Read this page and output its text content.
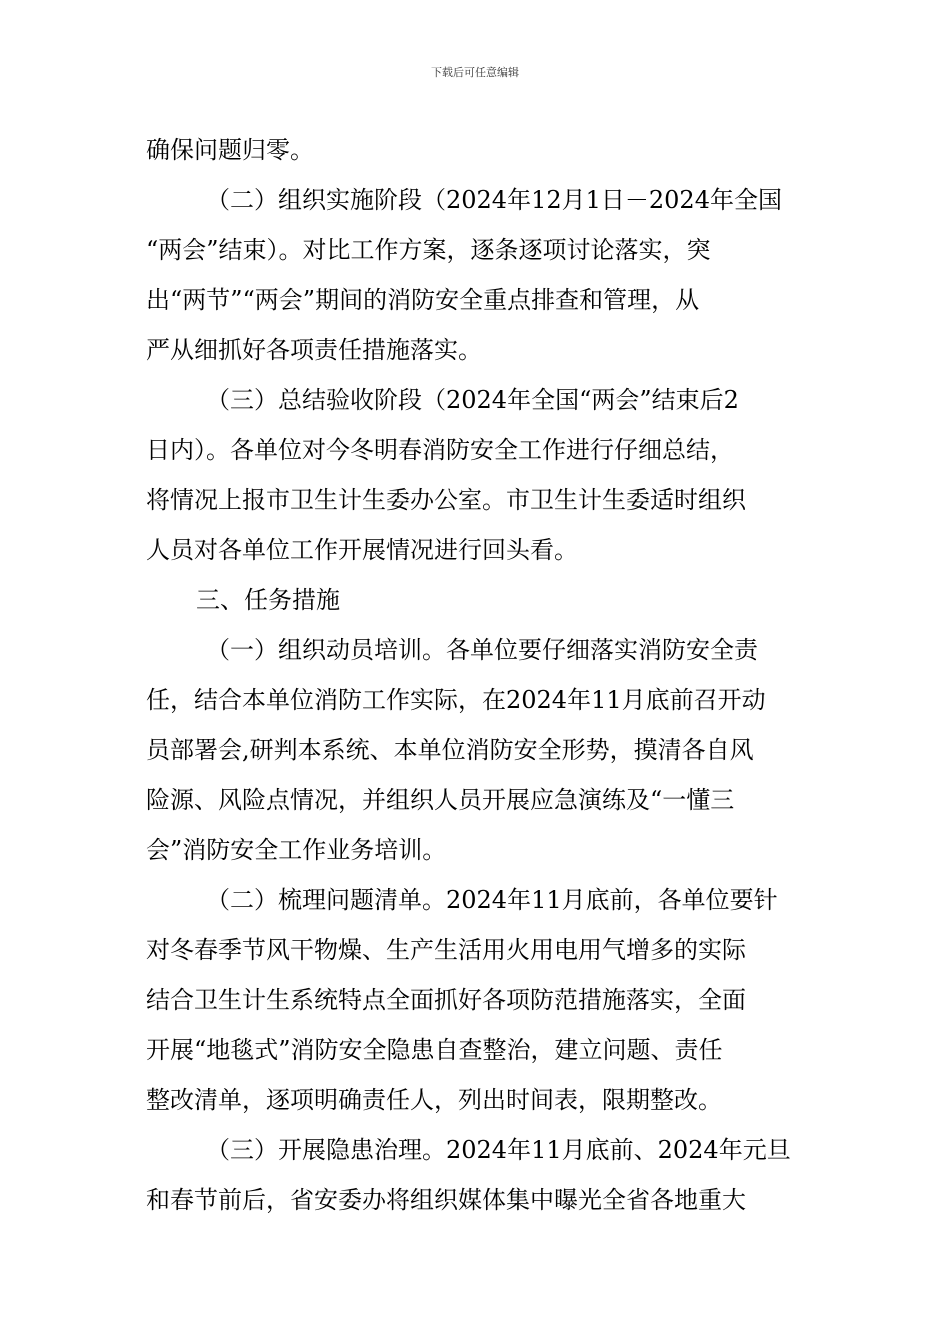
下载后可任意编辑
确保问题归零。
（二）组织实施阶段（2024年12月1日－2024年全国
“两会”结束）。对比工作方案，逐条逐项讨论落实，突
出“两节”“两会”期间的消防安全重点排查和管理，从
严从细抓好各项责任措施落实。
（三）总结验收阶段（2024年全国“两会”结束后2
日内）。各单位对今冬明春消防安全工作进行仔细总结，
将情况上报市卫生计生委办公室。市卫生计生委适时组织
人员对各单位工作开展情况进行回头看。
三、任务措施
（一）组织动员培训。各单位要仔细落实消防安全责
任，结合本单位消防工作实际，在2024年11月底前召开动
员部署会,研判本系统、本单位消防安全形势，摸清各自风
险源、风险点情况，并组织人员开展应急演练及“一懂三
会”消防安全工作业务培训。
（二）梳理问题清单。2024年11月底前，各单位要针
对冬春季节风干物燥、生产生活用火用电用气增多的实际
结合卫生计生系统特点全面抓好各项防范措施落实，全面
开展“地毯式”消防安全隐患自查整治，建立问题、责任
整改清单，逐项明确责任人，列出时间表，限期整改。
（三）开展隐患治理。2024年11月底前、2024年元旦
和春节前后，省安委办将组织媒体集中曝光全省各地重大
